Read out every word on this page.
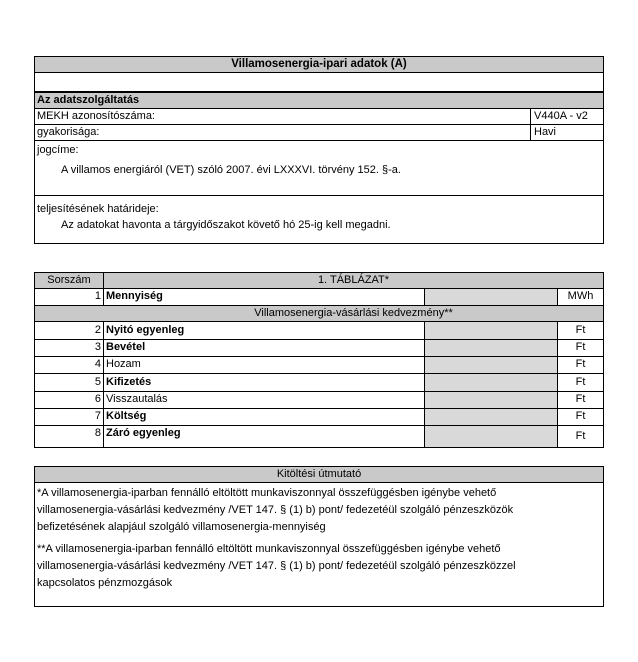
Villamosenergia-ipari adatok (A)
Az adatszolgáltatás
MEKH azonosítószáma:	V440A - v2
gyakorisága:	Havi
jogcíme:
A villamos energiáról (VET) szóló 2007. évi LXXXVI. törvény 152. §-a.
teljesítésének határideje:
Az adatokat havonta a tárgyidőszakot követő hó 25-ig kell megadni.
Sorszám	1. TÁBLÁZAT*
1 Mennyiség	MWh
Villamosenergia-vásárlási kedvezmény**
2 Nyitó egyenleg	Ft
3 Bevétel	Ft
4 Hozam	Ft
5 Kifizetés	Ft
6 Visszautalás	Ft
7 Költség	Ft
8 Záró egyenleg	Ft
Kitöltési útmutató
*A villamosenergia-iparban fennálló eltöltött munkaviszonnyal összefüggésben igénybe vehető
villamosenergia-vásárlási kedvezmény /VET 147. § (1) b) pont/ fedezetéül szolgáló pénzeszközök
befizetésének alapjául szolgáló villamosenergia-mennyiség
**A villamosenergia-iparban fennálló eltöltött munkaviszonnyal összefüggésben igénybe vehető
villamosenergia-vásárlási kedvezmény /VET 147. § (1) b) pont/ fedezetéül szolgáló pénzeszközzel
kapcsolatos pénzmozgások
